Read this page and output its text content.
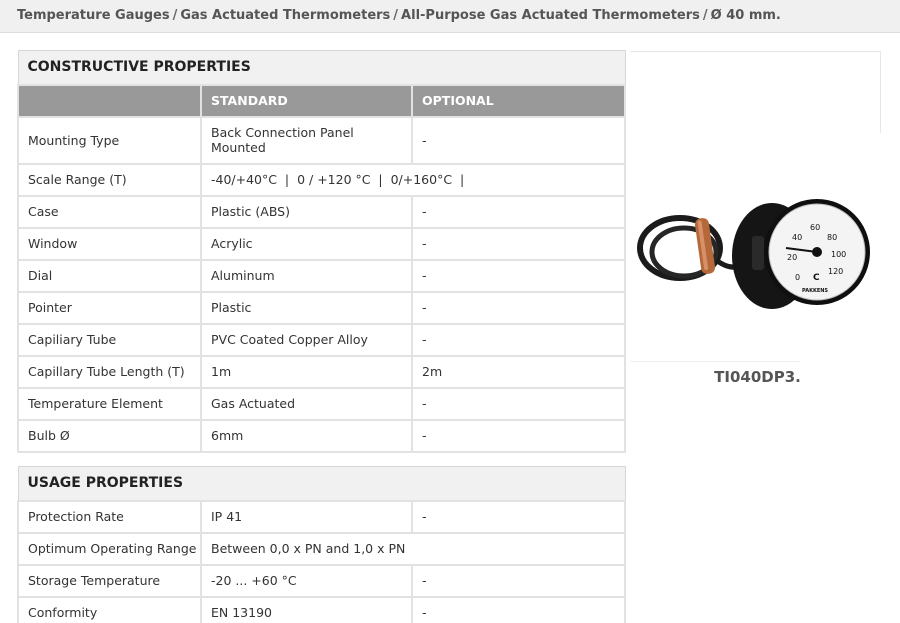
Temperature Gauges / Gas Actuated Thermometers / All-Purpose Gas Actuated Thermometers / Ø 40 mm.
CONSTRUCTIVE PROPERTIES		
	STANDARD	OPTIONAL
Mounting Type	Back Connection Panel Mounted	-
Scale Range (T)	-40/+40°C  |  0 / +120 °C  |  0/+160°C  |	
Case	Plastic (ABS)	-
Window	Acrylic	-
Dial	Aluminum	-
Pointer	Plastic	-
Capiliary Tube	PVC Coated Copper Alloy	-
Capillary Tube Length (T)	1m	2m
Temperature Element	Gas Actuated	-
Bulb Ø	6mm	-
USAGE PROPERTIES		
Protection Rate	IP 41	-
Optimum Operating Range	Between 0,0 x PN and 1,0 x PN	
Storage Temperature	-20 ... +60 °C	-
Conformity	EN 13190	-
0
20
40
60
80
100
120
C
PAKKENS
TI040DP3.
